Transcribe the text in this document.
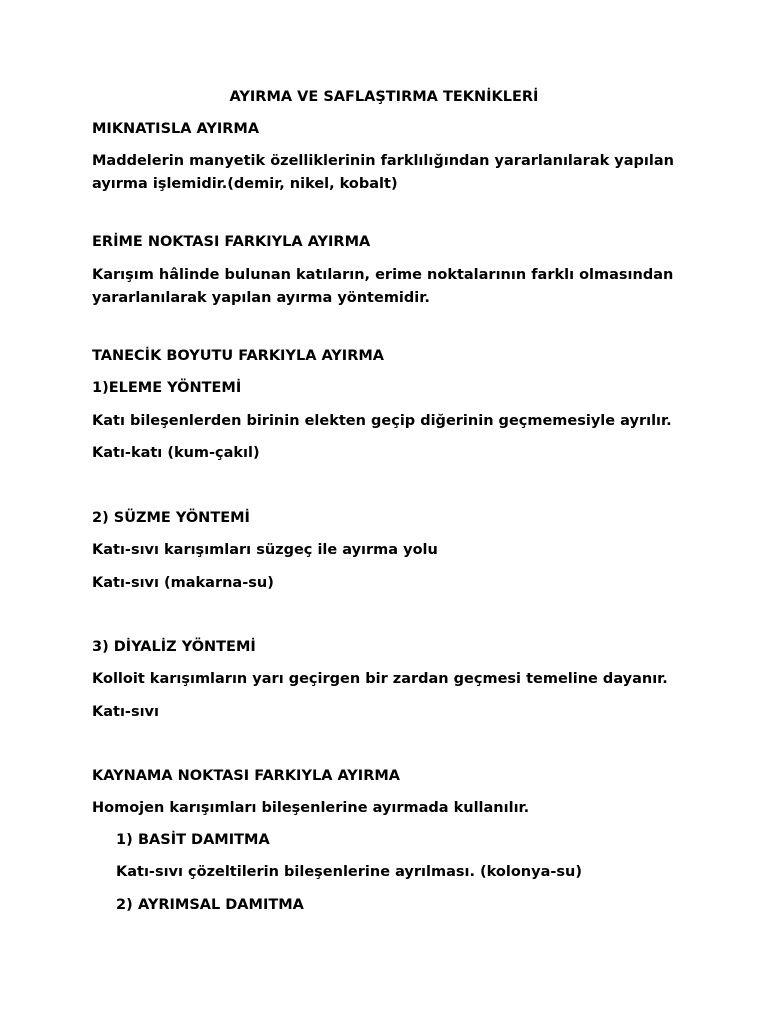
AYIRMA VE SAFLAŞTIRMA TEKNİKLERİ
MIKNATISLA AYIRMA
Maddelerin manyetik özelliklerinin farklılığından yararlanılarak yapılan
ayırma işlemidir.(demir, nikel, kobalt)
ERİME NOKTASI FARKIYLA AYIRMA
Karışım hâlinde bulunan katıların, erime noktalarının farklı olmasından
yararlanılarak yapılan ayırma yöntemidir.
TANECİK BOYUTU FARKIYLA AYIRMA
1)ELEME YÖNTEMİ
Katı bileşenlerden birinin elekten geçip diğerinin geçmemesiyle ayrılır.
Katı-katı (kum-çakıl)
2) SÜZME YÖNTEMİ
Katı-sıvı karışımları süzgeç ile ayırma yolu
Katı-sıvı (makarna-su)
3) DİYALİZ YÖNTEMİ
Kolloit karışımların yarı geçirgen bir zardan geçmesi temeline dayanır.
Katı-sıvı
KAYNAMA NOKTASI FARKIYLA AYIRMA
Homojen karışımları bileşenlerine ayırmada kullanılır.
1) BASİT DAMITMA
Katı-sıvı çözeltilerin bileşenlerine ayrılması. (kolonya-su)
2) AYRIMSAL DAMITMA
